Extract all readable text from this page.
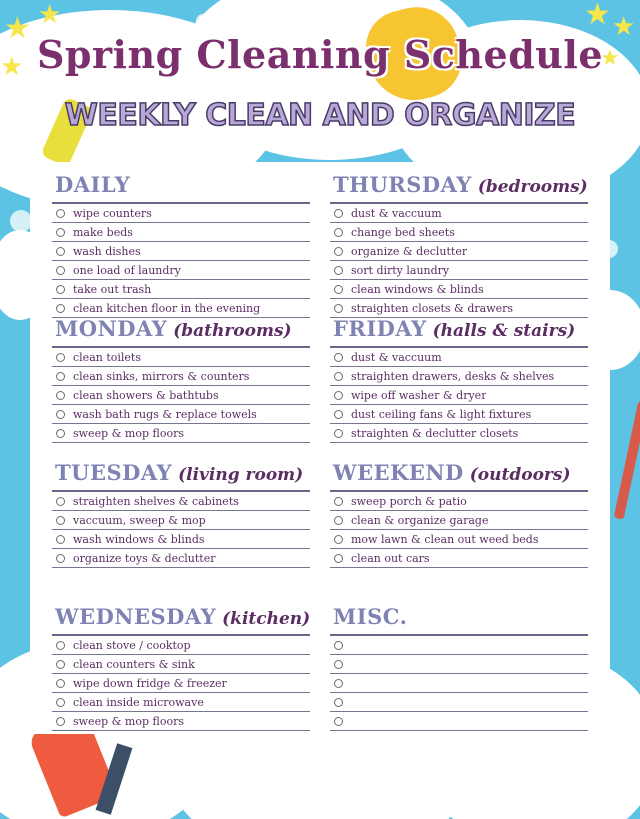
★ ★
★
★ ★
★
Spring Cleaning Schedule
WEEKLY CLEAN AND ORGANIZE
DAILY
wipe counters
make beds
wash dishes
one load of laundry
take out trash
clean kitchen floor in the evening
MONDAY (bathrooms)
clean toilets
clean sinks, mirrors & counters
clean showers & bathtubs
wash bath rugs & replace towels
sweep & mop floors
TUESDAY (living room)
straighten shelves & cabinets
vaccuum, sweep & mop
wash windows & blinds
organize toys & declutter
WEDNESDAY (kitchen)
clean stove / cooktop
clean counters & sink
wipe down fridge & freezer
clean inside microwave
sweep & mop floors
THURSDAY (bedrooms)
dust & vaccuum
change bed sheets
organize & declutter
sort dirty laundry
clean windows & blinds
straighten closets & drawers
FRIDAY (halls & stairs)
dust & vaccuum
straighten drawers, desks & shelves
wipe off washer & dryer
dust ceiling fans & light fixtures
straighten & declutter closets
WEEKEND (outdoors)
sweep porch & patio
clean & organize garage
mow lawn & clean out weed beds
clean out cars
MISC.
